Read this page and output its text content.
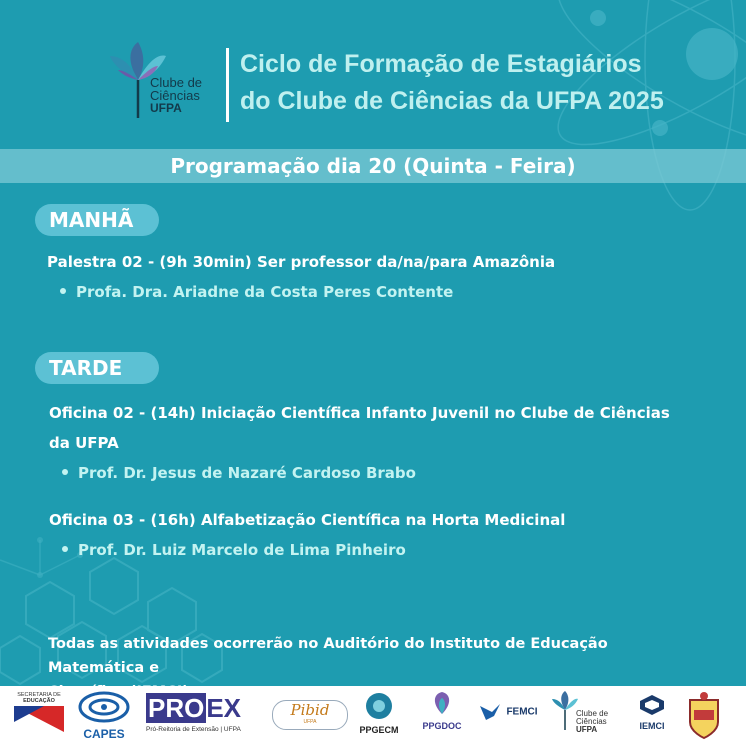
Clube de
Ciências
UFPA
Ciclo de Formação de Estagiários
do Clube de Ciências da UFPA 2025
Programação dia 20 (Quinta - Feira)
MANHÃ
Palestra 02 - (9h 30min) Ser professor da/na/para Amazônia
Profa. Dra. Ariadne da Costa Peres Contente
TARDE
Oficina 02 - (14h) Iniciação Científica Infanto Juvenil no Clube de Ciências
da UFPA
Prof. Dr. Jesus de Nazaré Cardoso Brabo
Oficina 03 - (16h) Alfabetização Científica na Horta Medicinal
Prof. Dr. Luiz Marcelo de Lima Pinheiro
Todas as atividades ocorrerão no Auditório do Instituto de Educação Matemática e
SECRETARIA DE
EDUCAÇÃO
CAPES
PROEX
Pró-Reitoria de Extensão | UFPA
Pibid
UFPA
PPGECM	PPGDOC
FEMCI	Clube de
Ciências
UFPA	IEMCI
